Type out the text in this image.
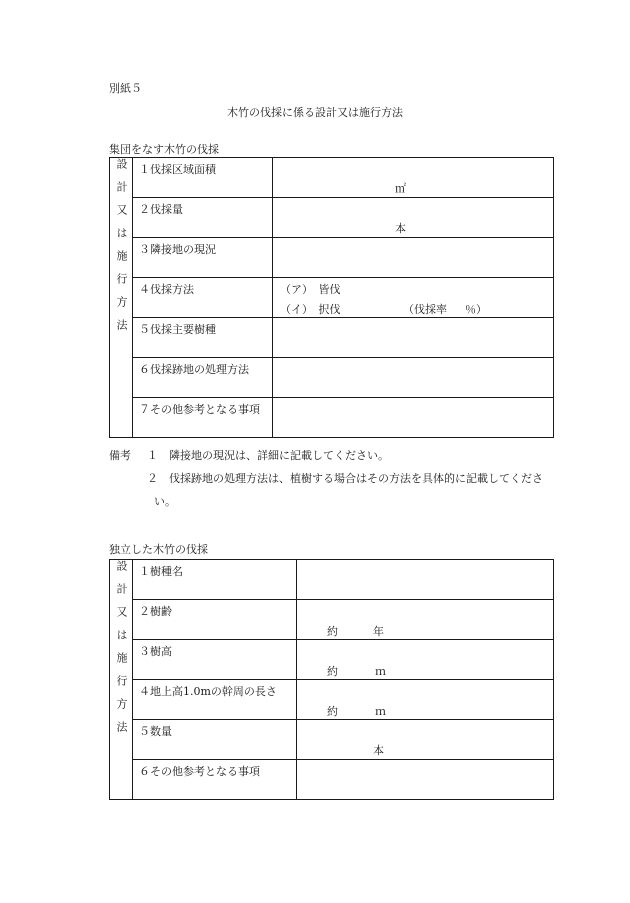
別紙５
木竹の伐採に係る設計又は施行方法
集団をなす木竹の伐採
設計又は施行方法	１伐採区域面積	㎡

	２伐採量	本

	３隣接地の現況	

	４伐採方法	（ア）　皆伐
（イ）　択伐 （伐採率 ％）

	５伐採主要樹種	

	６伐採跡地の処理方法	

	７その他参考となる事項	

備考 １ 隣接地の現況は、詳細に記載してください。
２ 伐採跡地の処理方法は、植樹する場合はその方法を具体的に記載してくださ
い。
独立した木竹の伐採
設計又は施行方法	１樹種名	

	２樹齢	約 年

	３樹高	約 ｍ

	４地上高1.0mの幹周の長さ	約 ｍ

	５数量	本

	６その他参考となる事項	
